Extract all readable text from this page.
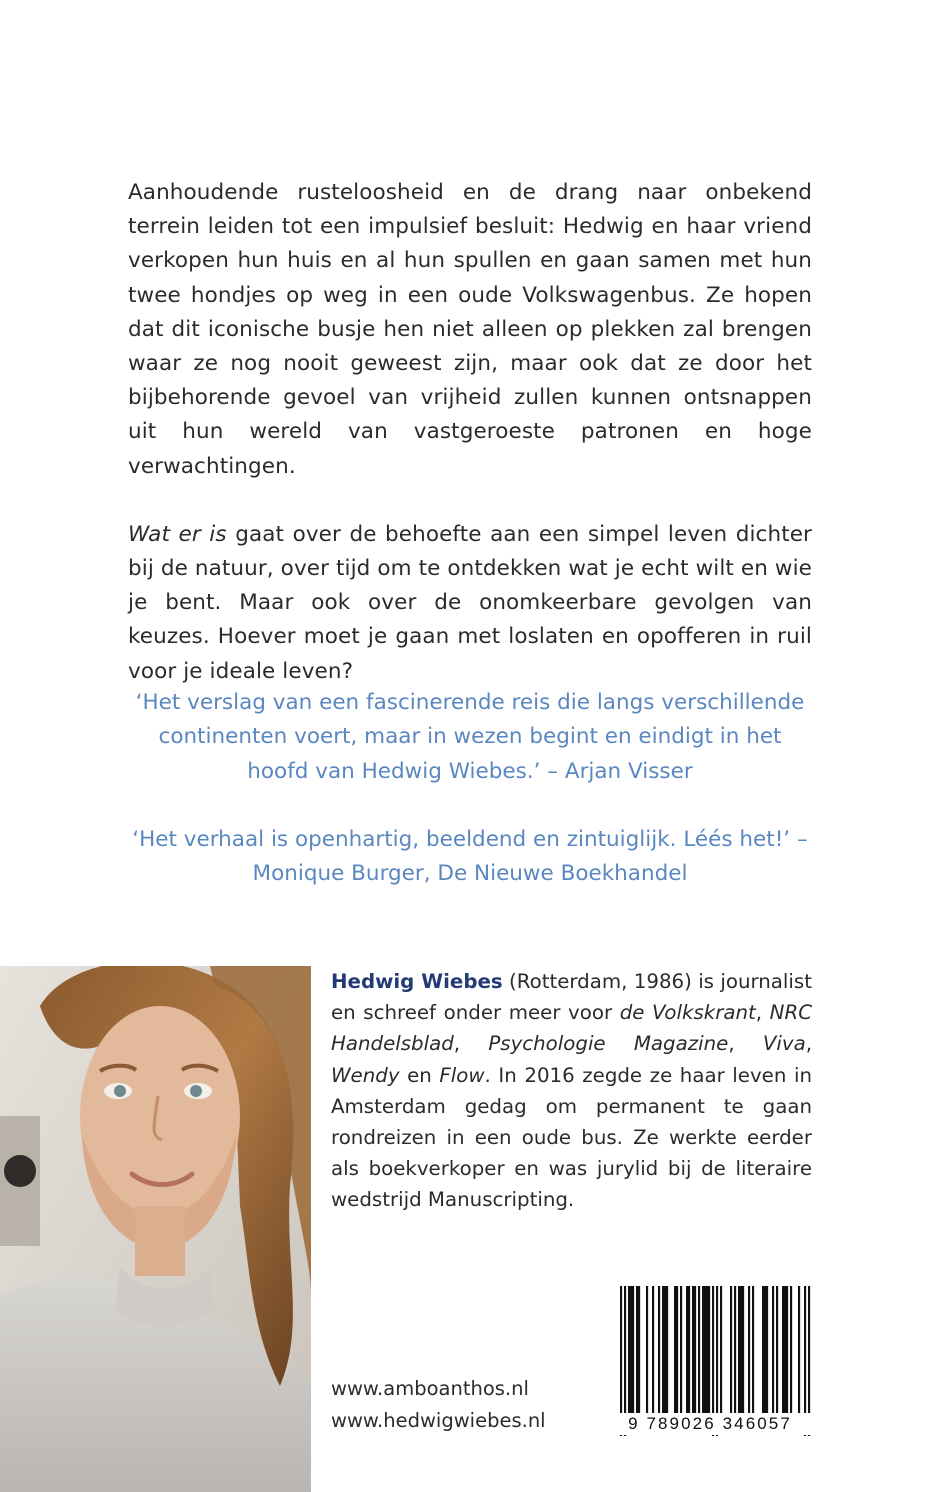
Aanhoudende rusteloosheid en de drang naar onbekend terrein leiden tot een impulsief besluit: Hedwig en haar vriend verkopen hun huis en al hun spullen en gaan samen met hun twee hondjes op weg in een oude Volkswagenbus. Ze hopen dat dit iconische busje hen niet alleen op plekken zal brengen waar ze nog nooit geweest zijn, maar ook dat ze door het bijbehorende gevoel van vrijheid zullen kunnen ontsnappen uit hun wereld van vastgeroeste patronen en hoge verwachtingen.

Wat er is gaat over de behoefte aan een simpel leven dichter bij de natuur, over tijd om te ontdekken wat je echt wilt en wie je bent. Maar ook over de onomkeerbare gevolgen van keuzes. Hoever moet je gaan met loslaten en opofferen in ruil voor je ideale leven?

‘Het verslag van een fascinerende reis die langs verschillende continenten voert, maar in wezen begint en eindigt in het hoofd van Hedwig Wiebes.’ – Arjan Visser

‘Het verhaal is openhartig, beeldend en zintuiglijk. Léés het!’ – Monique Burger, De Nieuwe Boekhandel

Hedwig Wiebes (Rotterdam, 1986) is journalist en schreef onder meer voor de Volkskrant, NRC Handelsblad, Psychologie Magazine, Viva, Wendy en Flow. In 2016 zegde ze haar leven in Amsterdam gedag om permanent te gaan rondreizen in een oude bus. Ze werkte eerder als boekverkoper en was jurylid bij de literaire wedstrijd Manuscripting.

www.amboanthos.nl
www.hedwigwiebes.nl	9 789026 346057
